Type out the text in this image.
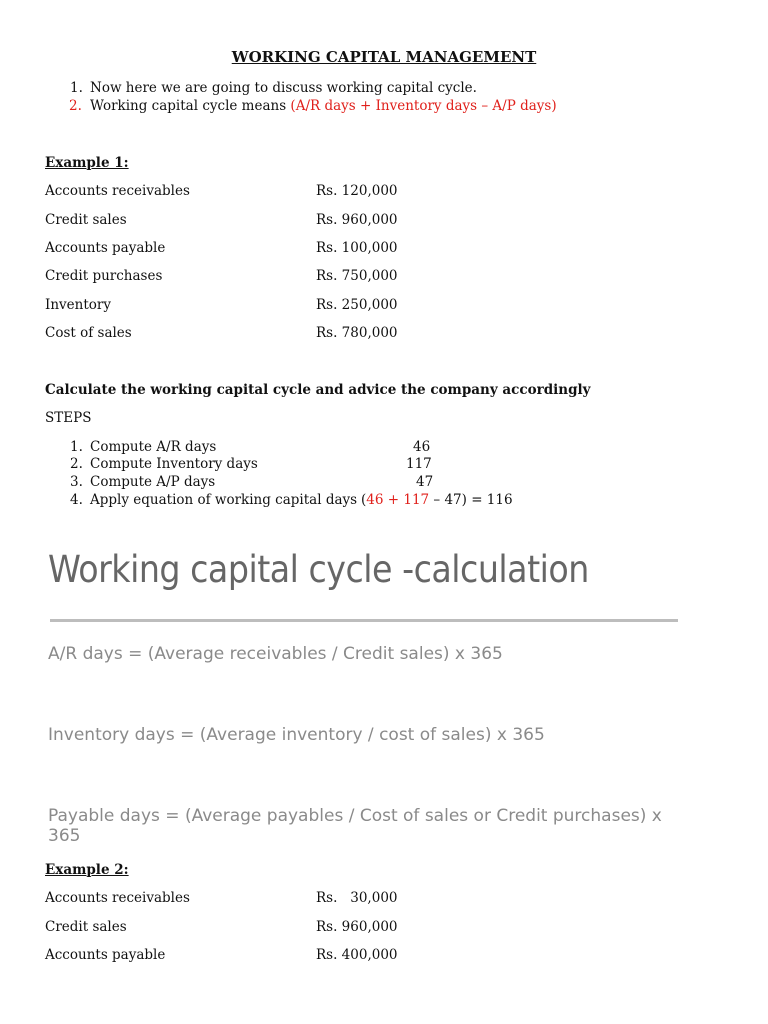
WORKING CAPITAL MANAGEMENT
1. Now here we are going to discuss working capital cycle.
2. Working capital cycle means (A/R days + Inventory days – A/P days)
Example 1:
Accounts receivables	Rs. 120,000
Credit sales	Rs. 960,000
Accounts payable	Rs. 100,000
Credit purchases	Rs. 750,000
Inventory	Rs. 250,000
Cost of sales	Rs. 780,000
Calculate the working capital cycle and advice the company accordingly
STEPS
1. Compute A/R days	46
2. Compute Inventory days	117
3. Compute A/P days	47
4. Apply equation of working capital days (46 + 117 – 47) = 116
Working capital cycle -calculation
A/R days = (Average receivables / Credit sales) x 365
Inventory days = (Average inventory / cost of sales) x 365
Payable days = (Average payables / Cost of sales or Credit purchases) x 365
Example 2:
Accounts receivables	Rs.   30,000
Credit sales	Rs. 960,000
Accounts payable	Rs. 400,000
